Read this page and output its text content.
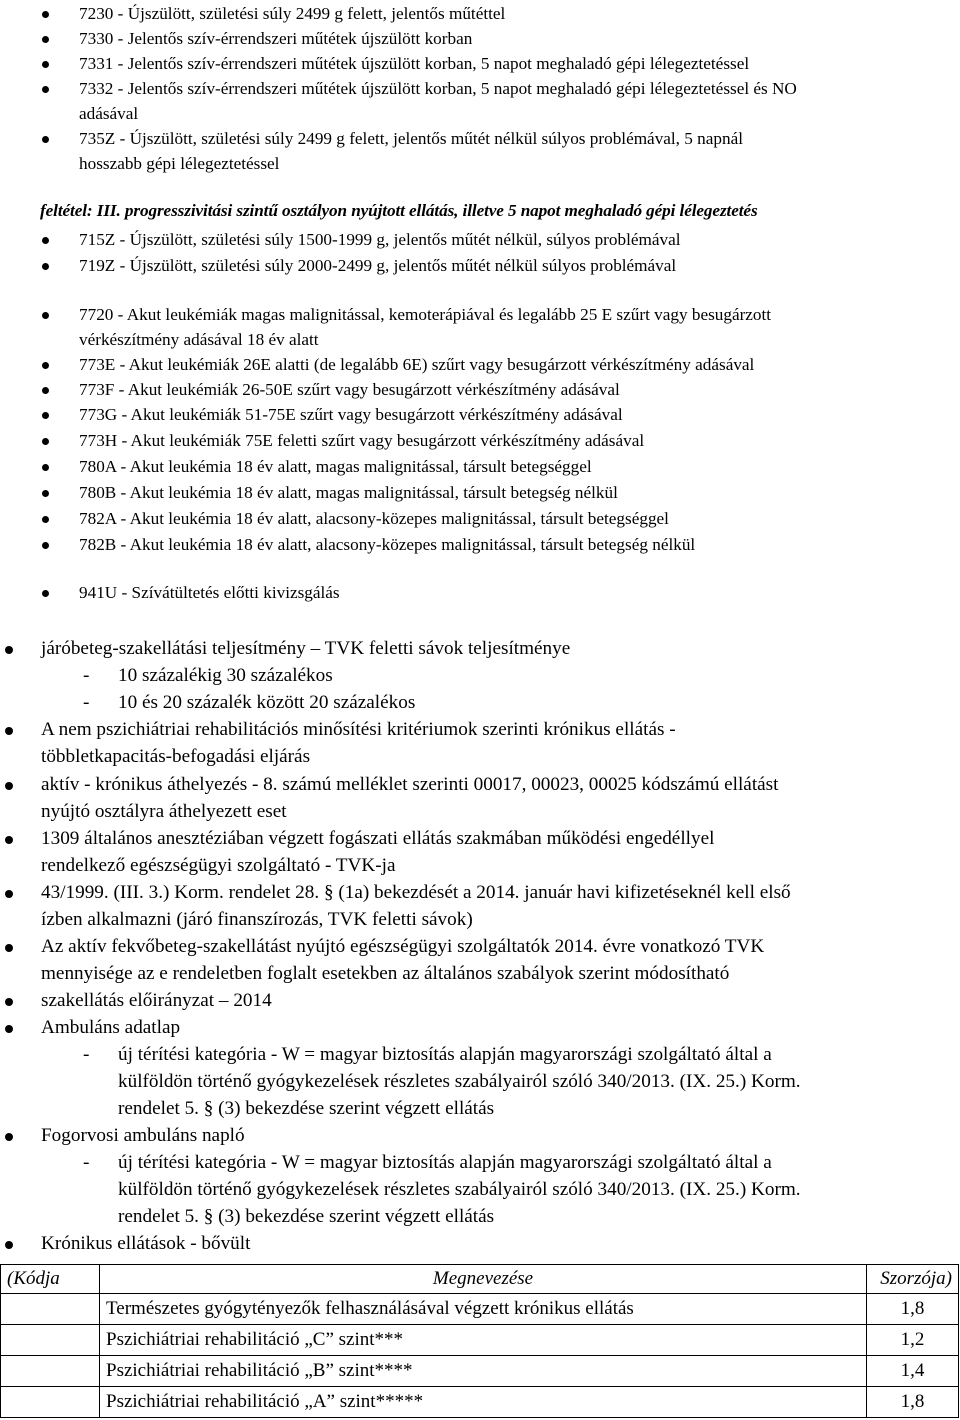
7230 - Újszülött, születési súly 2499 g felett, jelentős műtéttel
7330 - Jelentős szív-érrendszeri műtétek újszülött korban
7331 - Jelentős szív-érrendszeri műtétek újszülött korban, 5 napot meghaladó gépi lélegeztetéssel
7332 - Jelentős szív-érrendszeri műtétek újszülött korban, 5 napot meghaladó gépi lélegeztetéssel és NO
adásával
735Z - Újszülött, születési súly 2499 g felett, jelentős műtét nélkül súlyos problémával, 5 napnál
hosszabb gépi lélegeztetéssel
feltétel: III. progresszivitási szintű osztályon nyújtott ellátás, illetve 5 napot meghaladó gépi lélegeztetés
715Z - Újszülött, születési súly 1500-1999 g, jelentős műtét nélkül, súlyos problémával
719Z - Újszülött, születési súly 2000-2499 g, jelentős műtét nélkül súlyos problémával
7720 - Akut leukémiák magas malignitással, kemoterápiával és legalább 25 E szűrt vagy besugárzott
vérkészítmény adásával 18 év alatt
773E - Akut leukémiák 26E alatti (de legalább 6E) szűrt vagy besugárzott vérkészítmény adásával
773F - Akut leukémiák 26-50E szűrt vagy besugárzott vérkészítmény adásával
773G - Akut leukémiák 51-75E szűrt vagy besugárzott vérkészítmény adásával
773H - Akut leukémiák 75E feletti szűrt vagy besugárzott vérkészítmény adásával
780A - Akut leukémia 18 év alatt, magas malignitással, társult betegséggel
780B - Akut leukémia 18 év alatt, magas malignitással, társult betegség nélkül
782A - Akut leukémia 18 év alatt, alacsony-közepes malignitással, társult betegséggel
782B - Akut leukémia 18 év alatt, alacsony-közepes malignitással, társult betegség nélkül
941U - Szívátültetés előtti kivizsgálás
járóbeteg-szakellátási teljesítmény – TVK feletti sávok teljesítménye
- 10 százalékig 30 százalékos
- 10 és 20 százalék között 20 százalékos
A nem pszichiátriai rehabilitációs minősítési kritériumok szerinti krónikus ellátás -
többletkapacitás-befogadási eljárás
aktív - krónikus áthelyezés - 8. számú melléklet szerinti 00017, 00023, 00025 kódszámú ellátást
nyújtó osztályra áthelyezett eset
1309 általános anesztéziában végzett fogászati ellátás szakmában működési engedéllyel
rendelkező egészségügyi szolgáltató - TVK-ja
43/1999. (III. 3.) Korm. rendelet 28. § (1a) bekezdését a 2014. január havi kifizetéseknél kell első
ízben alkalmazni (járó finanszírozás, TVK feletti sávok)
Az aktív fekvőbeteg-szakellátást nyújtó egészségügyi szolgáltatók 2014. évre vonatkozó TVK
mennyisége az e rendeletben foglalt esetekben az általános szabályok szerint módosítható
szakellátás előirányzat – 2014
Ambuláns adatlap
- új térítési kategória - W = magyar biztosítás alapján magyarországi szolgáltató által a
külföldön történő gyógykezelések részletes szabályairól szóló 340/2013. (IX. 25.) Korm.
rendelet 5. § (3) bekezdése szerint végzett ellátás
Fogorvosi ambuláns napló
- új térítési kategória - W = magyar biztosítás alapján magyarországi szolgáltató által a
külföldön történő gyógykezelések részletes szabályairól szóló 340/2013. (IX. 25.) Korm.
rendelet 5. § (3) bekezdése szerint végzett ellátás
Krónikus ellátások - bővült
(Kódja	Megnevezése	Szorzója)
	Természetes gyógytényezők felhasználásával végzett krónikus ellátás	1,8
	Pszichiátriai rehabilitáció „C” szint***	1,2
	Pszichiátriai rehabilitáció „B” szint****	1,4
	Pszichiátriai rehabilitáció „A” szint*****	1,8
